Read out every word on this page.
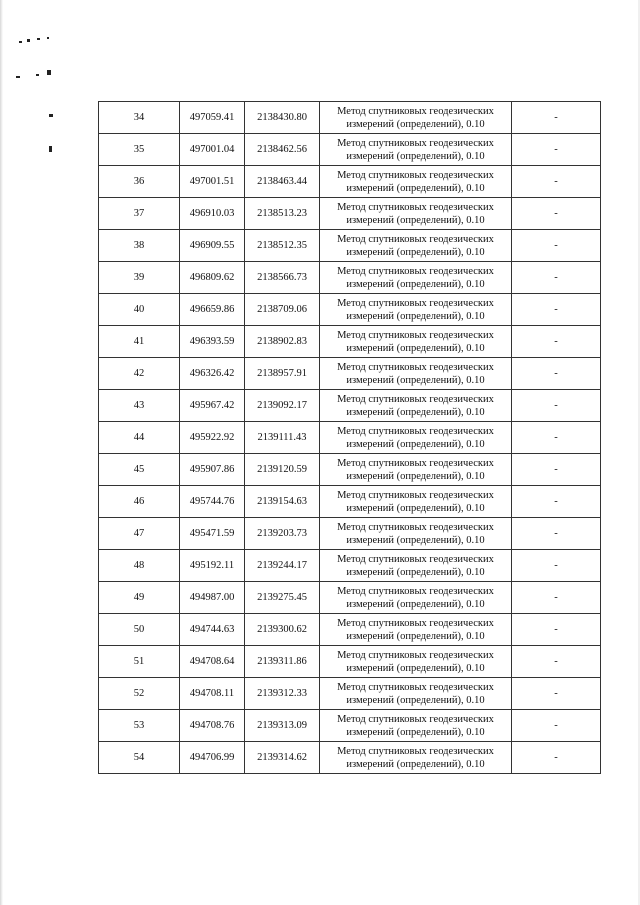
34	497059.41	2138430.80	Метод спутниковых геодезических
измерений (определений), 0.10	-
35	497001.04	2138462.56	Метод спутниковых геодезических
измерений (определений), 0.10	-
36	497001.51	2138463.44	Метод спутниковых геодезических
измерений (определений), 0.10	-
37	496910.03	2138513.23	Метод спутниковых геодезических
измерений (определений), 0.10	-
38	496909.55	2138512.35	Метод спутниковых геодезических
измерений (определений), 0.10	-
39	496809.62	2138566.73	Метод спутниковых геодезических
измерений (определений), 0.10	-
40	496659.86	2138709.06	Метод спутниковых геодезических
измерений (определений), 0.10	-
41	496393.59	2138902.83	Метод спутниковых геодезических
измерений (определений), 0.10	-
42	496326.42	2138957.91	Метод спутниковых геодезических
измерений (определений), 0.10	-
43	495967.42	2139092.17	Метод спутниковых геодезических
измерений (определений), 0.10	-
44	495922.92	2139111.43	Метод спутниковых геодезических
измерений (определений), 0.10	-
45	495907.86	2139120.59	Метод спутниковых геодезических
измерений (определений), 0.10	-
46	495744.76	2139154.63	Метод спутниковых геодезических
измерений (определений), 0.10	-
47	495471.59	2139203.73	Метод спутниковых геодезических
измерений (определений), 0.10	-
48	495192.11	2139244.17	Метод спутниковых геодезических
измерений (определений), 0.10	-
49	494987.00	2139275.45	Метод спутниковых геодезических
измерений (определений), 0.10	-
50	494744.63	2139300.62	Метод спутниковых геодезических
измерений (определений), 0.10	-
51	494708.64	2139311.86	Метод спутниковых геодезических
измерений (определений), 0.10	-
52	494708.11	2139312.33	Метод спутниковых геодезических
измерений (определений), 0.10	-
53	494708.76	2139313.09	Метод спутниковых геодезических
измерений (определений), 0.10	-
54	494706.99	2139314.62	Метод спутниковых геодезических
измерений (определений), 0.10	-
